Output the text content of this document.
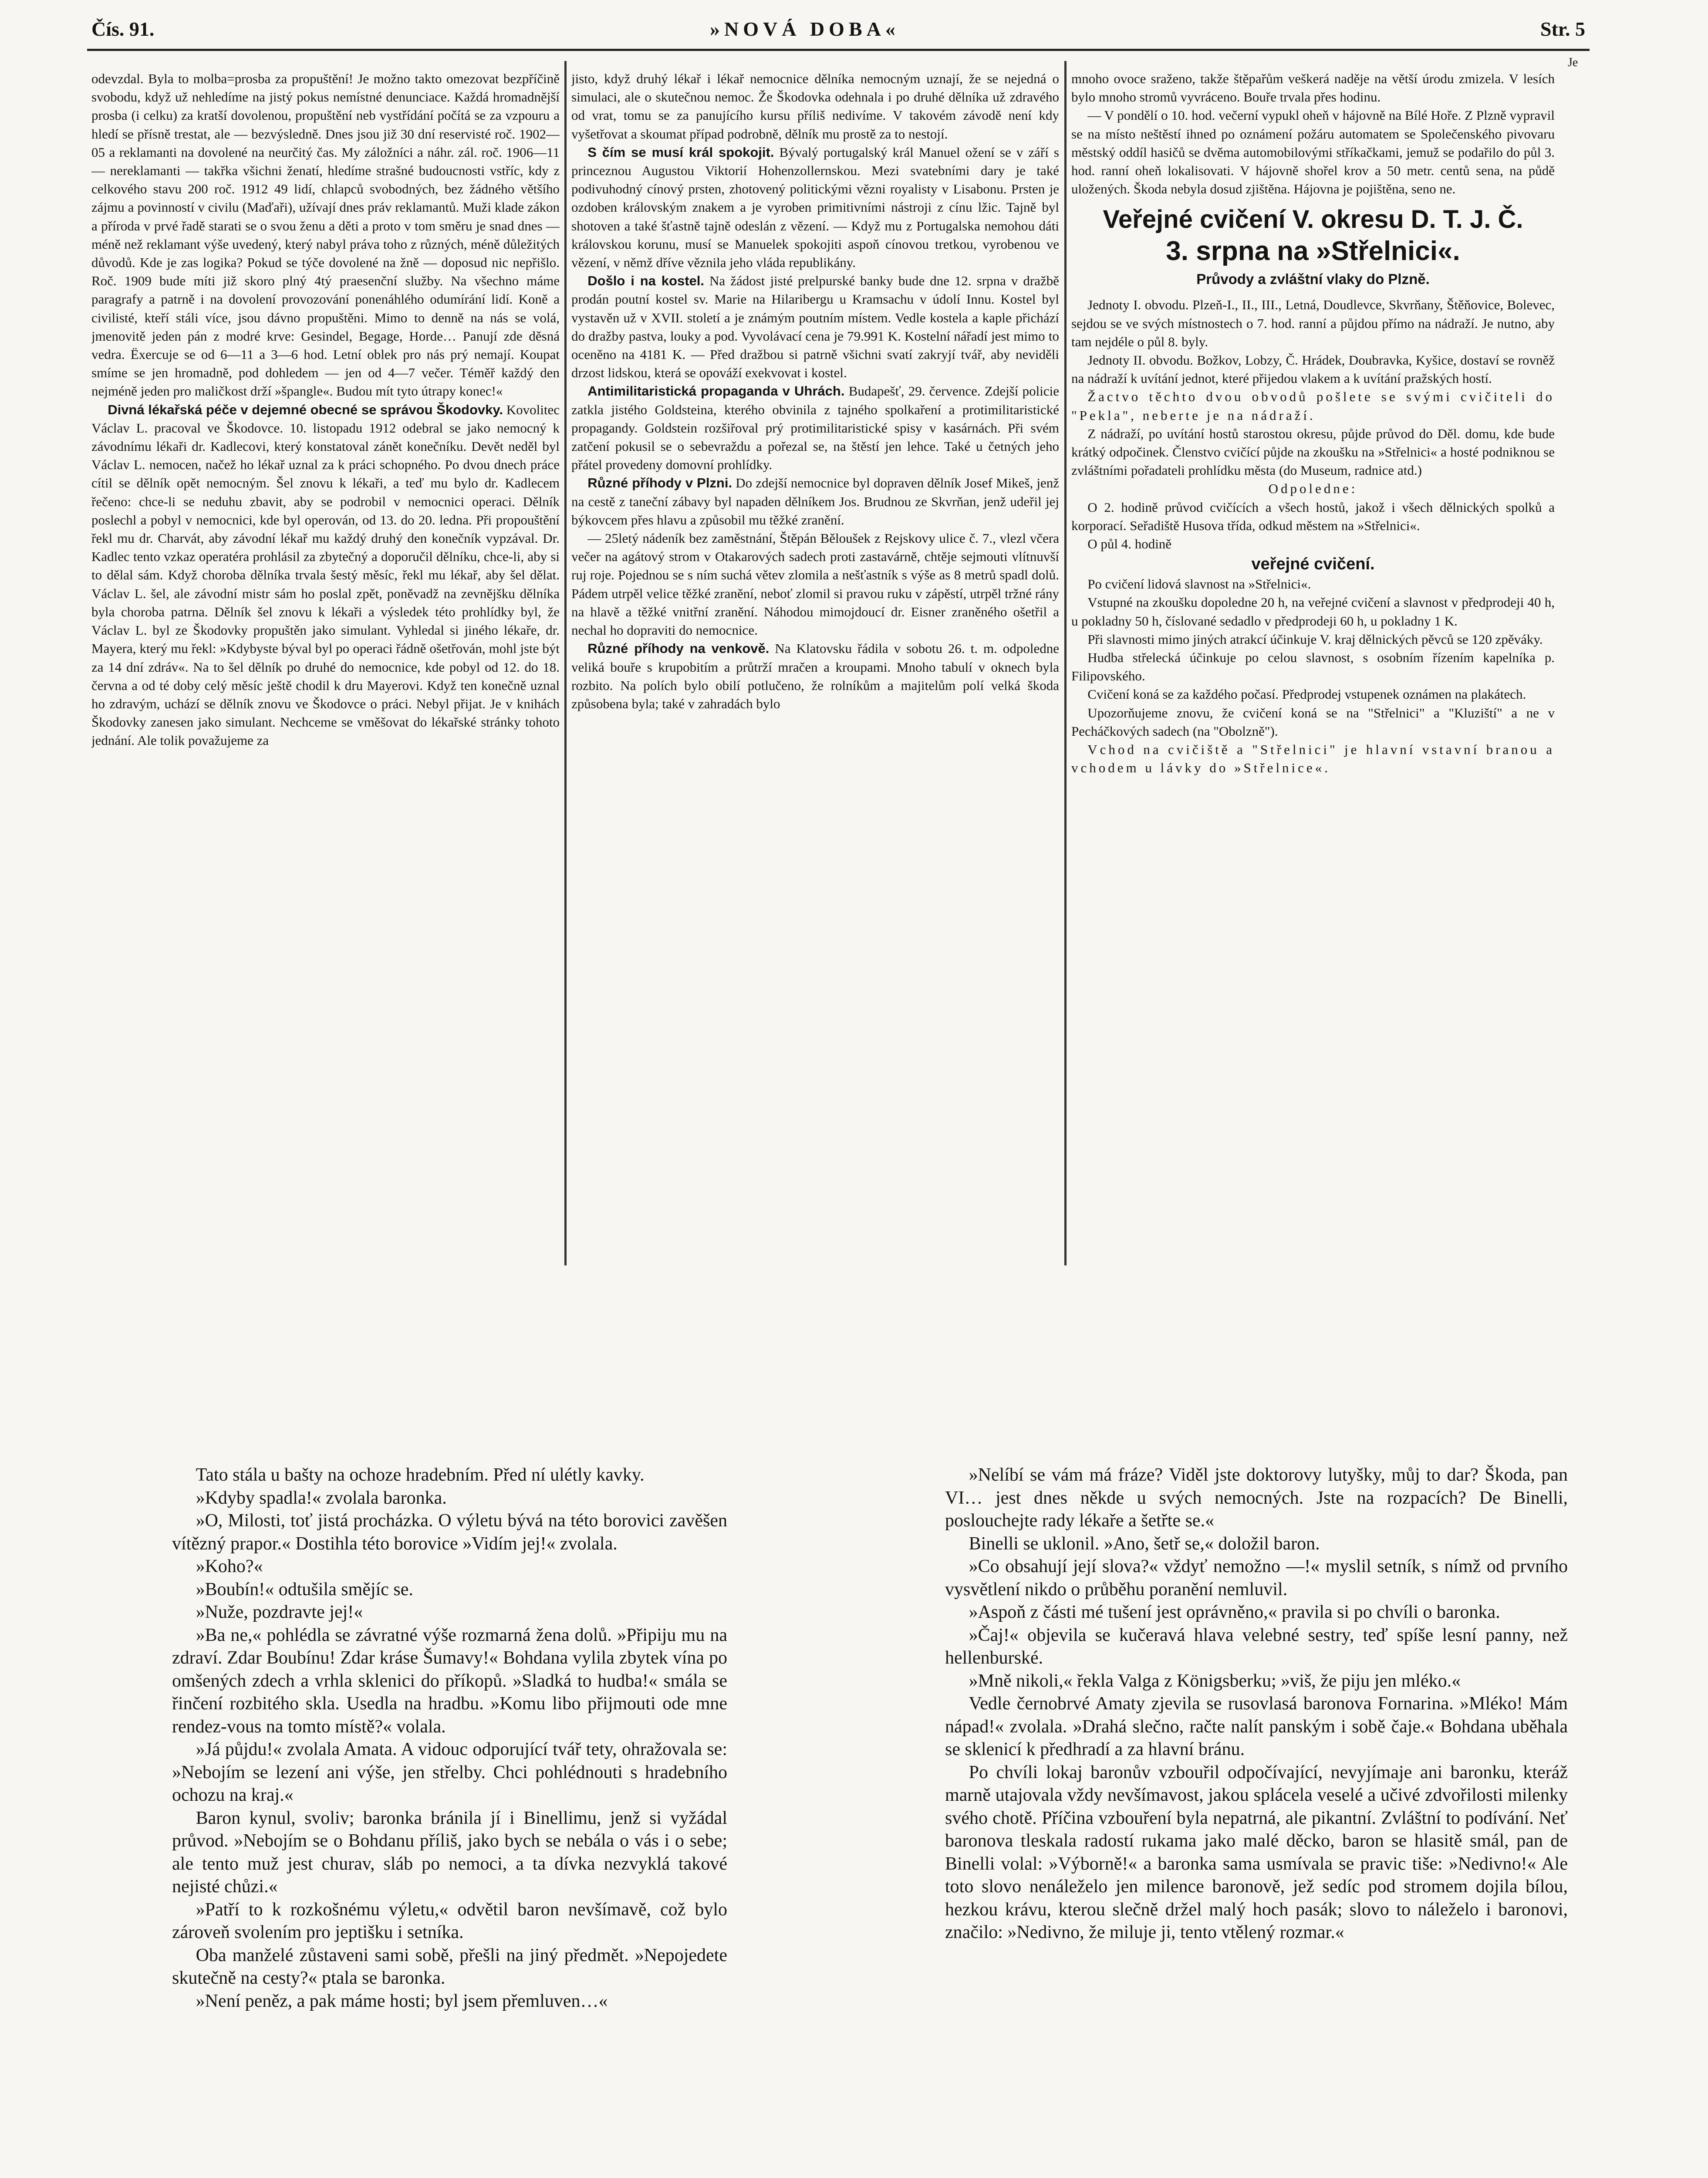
Čís. 91.	»NOVÁ DOBA«	Str. 5
Je

odevzdal. Byla to molba=prosba za propuštění! Je možno takto omezovat bezpříčině svobodu, když už nehledíme na jistý pokus nemístné denunciace. Každá hromadnější prosba (i celku) za kratší dovolenou, propuštění neb vystřídání počítá se za vzpouru a hledí se přísně trestat, ale — bezvýsledně. Dnes jsou již 30 dní reservisté roč. 1902—05 a reklamanti na dovolené na neurčitý čas. My záložníci a náhr. zál. roč. 1906—11 — nereklamanti — takřka všichni ženatí, hledíme strašné budoucnosti vstříc, kdy z celkového stavu 200 roč. 1912 49 lidí, chlapců svobodných, bez žádného většího zájmu a povinností v civilu (Maďaři), užívají dnes práv reklamantů. Muži klade zákon a příroda v prvé řadě starati se o svou ženu a děti a proto v tom směru je snad dnes — méně než reklamant výše uvedený, který nabyl práva toho z různých, méně důležitých důvodů. Kde je zas logika? Pokud se týče dovolené na žně — doposud nic nepřišlo. Roč. 1909 bude míti již skoro plný 4tý praesenční služby. Na všechno máme paragrafy a patrně i na dovolení provozování ponenáhlého odumírání lidí. Koně a civilisté, kteří stáli více, jsou dávno propuštěni. Mimo to denně na nás se volá, jmenovitě jeden pán z modré krve: Gesindel, Begage, Horde… Panují zde děsná vedra. Ëxercuje se od 6—11 a 3—6 hod. Letní oblek pro nás prý nemají. Koupat smíme se jen hromadně, pod dohledem — jen od 4—7 večer. Téměř každý den nejméně jeden pro maličkost drží »špangle«. Budou mít tyto útrapy konec!«

Divná lékařská péče v dejemné obecné se správou Škodovky. Kovolitec Václav L. pracoval ve Škodovce. 10. listopadu 1912 odebral se jako nemocný k závodnímu lékaři dr. Kadlecovi, který konstatoval zánět konečníku. Devět neděl byl Václav L. nemocen, načež ho lékař uznal za k práci schopného. Po dvou dnech práce cítil se dělník opět nemocným. Šel znovu k lékaři, a teď mu bylo dr. Kadlecem řečeno: chce-li se neduhu zbavit, aby se podrobil v nemocnici operaci. Dělník poslechl a pobyl v nemocnici, kde byl operován, od 13. do 20. ledna. Při propouštění řekl mu dr. Charvát, aby závodní lékař mu každý druhý den konečník vypzával. Dr. Kadlec tento vzkaz operatéra prohlásil za zbytečný a doporučil dělníku, chce-li, aby si to dělal sám. Když choroba dělníka trvala šestý měsíc, řekl mu lékař, aby šel dělat. Václav L. šel, ale závodní mistr sám ho poslal zpět, poněvadž na zevnějšku dělníka byla choroba patrna. Dělník šel znovu k lékaři a výsledek této prohlídky byl, že Václav L. byl ze Škodovky propuštěn jako simulant. Vyhledal si jiného lékaře, dr. Mayera, který mu řekl: »Kdybyste býval byl po operaci řádně ošetřován, mohl jste být za 14 dní zdráv«. Na to šel dělník po druhé do nemocnice, kde pobyl od 12. do 18. června a od té doby celý měsíc ještě chodil k dru Mayerovi. Když ten konečně uznal ho zdravým, uchází se dělník znovu ve Škodovce o práci. Nebyl přijat. Je v knihách Škodovky zanesen jako simulant. Nechceme se vměšovat do lékařské stránky tohoto jednání. Ale tolik považujeme za

jisto, když druhý lékař i lékař nemocnice dělníka nemocným uznají, že se nejedná o simulaci, ale o skutečnou nemoc. Že Škodovka odehnala i po druhé dělníka už zdravého od vrat, tomu se za panujícího kursu příliš nedivíme. V takovém závodě není kdy vyšetřovat a skoumat případ podrobně, dělník mu prostě za to nestojí.

S čím se musí král spokojit. Bývalý portugalský král Manuel ožení se v září s princeznou Augustou Viktorií Hohenzollernskou. Mezi svatebními dary je také podivuhodný cínový prsten, zhotovený politickými vězni royalisty v Lisabonu. Prsten je ozdoben královským znakem a je vyroben primitivními nástroji z cínu lžic. Tajně byl shotoven a také šťastně tajně odeslán z vězení. — Když mu z Portugalska nemohou dáti královskou korunu, musí se Manuelek spokojiti aspoň cínovou tretkou, vyrobenou ve vězení, v němž dříve věznila jeho vláda republikány.

Došlo i na kostel. Na žádost jisté prelpurské banky bude dne 12. srpna v dražbě prodán poutní kostel sv. Marie na Hilaribergu u Kramsachu v údolí Innu. Kostel byl vystavěn už v XVII. století a je známým poutním místem. Vedle kostela a kaple přichází do dražby pastva, louky a pod. Vyvolávací cena je 79.991 K. Kostelní nářadí jest mimo to oceněno na 4181 K. — Před dražbou si patrně všichni svatí zakryjí tvář, aby neviděli drzost lidskou, která se opováží exekvovat i kostel.

Antimilitaristická propaganda v Uhrách. Budapešť, 29. července. Zdejší policie zatkla jistého Goldsteina, kterého obvinila z tajného spolkaření a protimilitaristické propagandy. Goldstein rozšiřoval prý protimilitaristické spisy v kasárnách. Při svém zatčení pokusil se o sebevraždu a pořezal se, na štěstí jen lehce. Také u četných jeho přátel provedeny domovní prohlídky.

Různé příhody v Plzni. Do zdejší nemocnice byl dopraven dělník Josef Mikeš, jenž na cestě z taneční zábavy byl napaden dělníkem Jos. Brudnou ze Skvrňan, jenž udeřil jej býkovcem přes hlavu a způsobil mu těžké zranění.

— 25letý nádeník bez zaměstnání, Štěpán Běloušek z Rejskovy ulice č. 7., vlezl včera večer na agátový strom v Otakarových sadech proti zastavárně, chtěje sejmouti vlítnuvší ruj roje. Pojednou se s ním suchá větev zlomila a nešťastník s výše as 8 metrů spadl dolů. Pádem utrpěl velice těžké zranění, neboť zlomil si pravou ruku v zápěstí, utrpěl tržné rány na hlavě a těžké vnitřní zranění. Náhodou mimojdoucí dr. Eisner zraněného ošetřil a nechal ho dopraviti do nemocnice.

Různé příhody na venkově. Na Klatovsku řádila v sobotu 26. t. m. odpoledne veliká bouře s krupobitím a průtrží mračen a kroupami. Mnoho tabulí v oknech byla rozbito. Na polích bylo obilí potlučeno, že rolníkům a majitelům polí velká škoda způsobena byla; také v zahradách bylo

mnoho ovoce sraženo, takže štěpařům veškerá naděje na větší úrodu zmizela. V lesích bylo mnoho stromů vyvráceno. Bouře trvala přes hodinu.

— V pondělí o 10. hod. večerní vypukl oheň v hájovně na Bílé Hoře. Z Plzně vypravil se na místo neštěstí ihned po oznámení požáru automatem se Společenského pivovaru městský oddíl hasičů se dvěma automobilovými stříkačkami, jemuž se podařilo do půl 3. hod. ranní oheň lokalisovati. V hájovně shořel krov a 50 metr. centů sena, na půdě uložených. Škoda nebyla dosud zjištěna. Hájovna je pojištěna, seno ne.

Veřejné cvičení V. okresu D. T. J. Č.
3. srpna na »Střelnici«.
Průvody a zvláštní vlaky do Plzně.

Jednoty I. obvodu. Plzeň-I., II., III., Letná, Doudlevce, Skvrňany, Štěňovice, Bolevec, sejdou se ve svých místnostech o 7. hod. ranní a půjdou přímo na nádraží. Je nutno, aby tam nejdéle o půl 8. byly.

Jednoty II. obvodu. Božkov, Lobzy, Č. Hrádek, Doubravka, Kyšice, dostaví se rovněž na nádraží k uvítání jednot, které přijedou vlakem a k uvítání pražských hostí.

Žactvo těchto dvou obvodů pošlete se svými cvičiteli do "Pekla", neberte je na nádraží.

Z nádraží, po uvítání hostů starostou okresu, půjde průvod do Děl. domu, kde bude krátký odpočinek. Členstvo cvičící půjde na zkoušku na »Střelnici« a hosté podniknou se zvláštními pořadateli prohlídku města (do Museum, radnice atd.)

Odpoledne:

O 2. hodině průvod cvičících a všech hostů, jakož i všech dělnických spolků a korporací. Seřadiště Husova třída, odkud městem na »Střelnici«.

O půl 4. hodině

veřejné cvičení.

Po cvičení lidová slavnost na »Střelnici«.

Vstupné na zkoušku dopoledne 20 h, na veřejné cvičení a slavnost v předprodeji 40 h, u pokladny 50 h, číslované sedadlo v předprodeji 60 h, u pokladny 1 K.

Při slavnosti mimo jiných atrakcí účinkuje V. kraj dělnických pěvců se 120 zpěváky.

Hudba střelecká účinkuje po celou slavnost, s osobním řízením kapelníka p. Filipovského.

Cvičení koná se za každého počasí. Předprodej vstupenek oznámen na plakátech.

Upozorňujeme znovu, že cvičení koná se na "Střelnici" a "Kluziští" a ne v Pecháčkových sadech (na "Obolzně").

Vchod na cvičiště a "Střelnici" je hlavní vstavní branou a vchodem u lávky do »Střelnice«.

Tato stála u bašty na ochoze hradebním. Před ní ulétly kavky.

»Kdyby spadla!« zvolala baronka.

»O, Milosti, toť jistá procházka. O výletu bývá na této borovici zavěšen vítězný prapor.« Dostihla této borovice »Vidím jej!« zvolala.

»Koho?«

»Boubín!« odtušila smějíc se.

»Nuže, pozdravte jej!«

»Ba ne,« pohlédla se závratné výše rozmarná žena dolů. »Připiju mu na zdraví. Zdar Boubínu! Zdar kráse Šumavy!« Bohdana vylila zbytek vína po omšených zdech a vrhla sklenici do příkopů. »Sladká to hudba!« smála se řinčení rozbitého skla. Usedla na hradbu. »Komu libo přijmouti ode mne rendez-vous na tomto místě?« volala.

»Já půjdu!« zvolala Amata. A vidouc odporující tvář tety, ohražovala se: »Nebojím se lezení ani výše, jen střelby. Chci pohlédnouti s hradebního ochozu na kraj.«

Baron kynul, svoliv; baronka bránila jí i Binellimu, jenž si vyžádal průvod. »Nebojím se o Bohdanu příliš, jako bych se nebála o vás i o sebe; ale tento muž jest churav, sláb po nemoci, a ta dívka nezvyklá takové nejisté chůzi.«

»Patří to k rozkošnému výletu,« odvětil baron nevšímavě, což bylo zároveň svolením pro jeptišku i setníka.

Oba manželé zůstaveni sami sobě, přešli na jiný předmět. »Nepojedete skutečně na cesty?« ptala se baronka.

»Není peněz, a pak máme hosti; byl jsem přemluven…«

»Nelíbí se vám má fráze? Viděl jste doktorovy lutyšky, můj to dar? Škoda, pan VI… jest dnes někde u svých nemocných. Jste na rozpacích? De Binelli, poslouchejte rady lékaře a šetřte se.«

Binelli se uklonil. »Ano, šetř se,« doložil baron.

»Co obsahují její slova?« vždyť nemožno —!« myslil setník, s nímž od prvního vysvětlení nikdo o průběhu poranění nemluvil.

»Aspoň z části mé tušení jest oprávněno,« pravila si po chvíli o baronka.

»Čaj!« objevila se kučeravá hlava velebné sestry, teď spíše lesní panny, než hellenburské.

»Mně nikoli,« řekla Valga z Königsberku; »viš, že piju jen mléko.«

Vedle černobrvé Amaty zjevila se rusovlasá baronova Fornarina. »Mléko! Mám nápad!« zvolala. »Drahá slečno, račte nalít panským i sobě čaje.« Bohdana uběhala se sklenicí k předhradí a za hlavní bránu.

Po chvíli lokaj baronův vzbouřil odpočívající, nevyjímaje ani baronku, kteráž marně utajovala vždy nevšímavost, jakou splácela veselé a učivé zdvořilosti milenky svého chotě. Příčina vzbouření byla nepatrná, ale pikantní. Zvláštní to podívání. Neť baronova tleskala radostí rukama jako malé děcko, baron se hlasitě smál, pan de Binelli volal: »Výborně!« a baronka sama usmívala se pravic tiše: »Nedivno!« Ale toto slovo nenáleželo jen milence baronově, jež sedíc pod stromem dojila bílou, hezkou krávu, kterou slečně držel malý hoch pasák; slovo to náleželo i baronovi, značilo: »Nedivno, že miluje ji, tento vtělený rozmar.«
